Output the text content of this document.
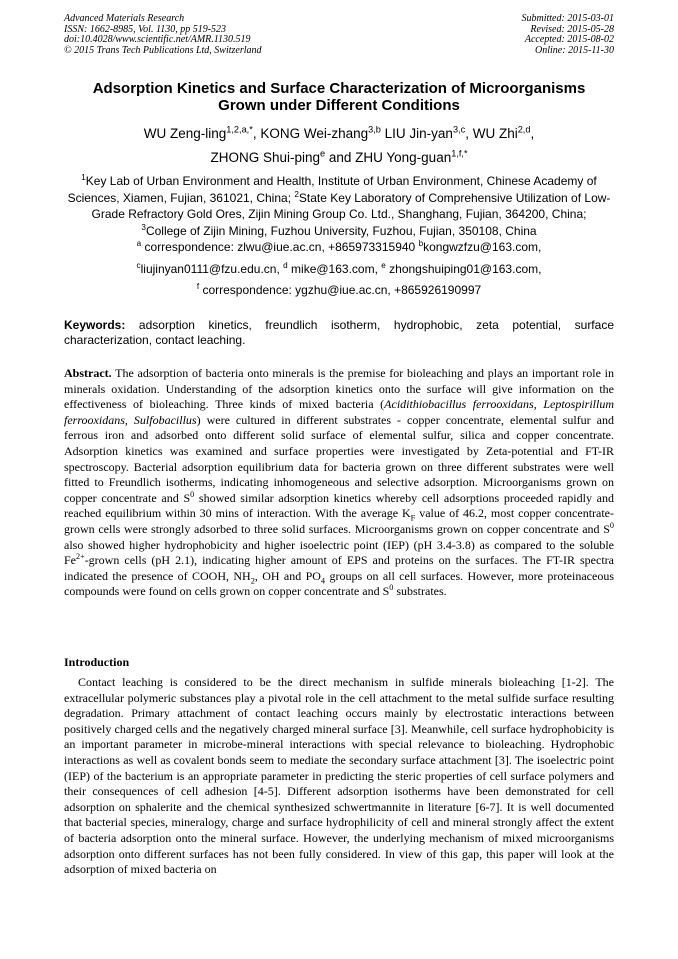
Advanced Materials Research
ISSN: 1662-8985, Vol. 1130, pp 519-523
doi:10.4028/www.scientific.net/AMR.1130.519
© 2015 Trans Tech Publications Ltd, Switzerland
Submitted: 2015-03-01
Revised: 2015-05-28
Accepted: 2015-08-02
Online: 2015-11-30
Adsorption Kinetics and Surface Characterization of Microorganisms
Grown under Different Conditions
WU Zeng-ling$^{1,2,a,*}$, KONG Wei-zhang$^{3,b}$ LIU Jin-yan$^{3,c}$, WU Zhi$^{2,d}$,
ZHONG Shui-ping$^e$ and ZHU Yong-guan$^{1,f,*}$
$^1$Key Lab of Urban Environment and Health, Institute of Urban Environment, Chinese Academy of Sciences, Xiamen, Fujian, 361021, China; $^2$State Key Laboratory of Comprehensive Utilization of Low-Grade Refractory Gold Ores, Zijin Mining Group Co. Ltd., Shanghang, Fujian, 364200, China;
$^3$College of Zijin Mining, Fuzhou University, Fuzhou, Fujian, 350108, China
$^a$ correspondence: zlwu@iue.ac.cn, +865973315940 $^b$kongwzfzu@163.com,
$^c$liujinyan0111@fzu.edu.cn, $^d$ mike@163.com, $^e$ zhongshuiping01@163.com,
$^f$ correspondence: ygzhu@iue.ac.cn, +865926190997
Keywords: adsorption kinetics, freundlich isotherm, hydrophobic, zeta potential, surface characterization, contact leaching.
Abstract. The adsorption of bacteria onto minerals is the premise for bioleaching and plays an important role in minerals oxidation. Understanding of the adsorption kinetics onto the surface will give information on the effectiveness of bioleaching. Three kinds of mixed bacteria (Acidithiobacillus ferrooxidans, Leptospirillum ferrooxidans, Sulfobacillus) were cultured in different substrates - copper concentrate, elemental sulfur and ferrous iron and adsorbed onto different solid surface of elemental sulfur, silica and copper concentrate. Adsorption kinetics was examined and surface properties were investigated by Zeta-potential and FT-IR spectroscopy. Bacterial adsorption equilibrium data for bacteria grown on three different substrates were well fitted to Freundlich isotherms, indicating inhomogeneous and selective adsorption. Microorganisms grown on copper concentrate and $S^0$ showed similar adsorption kinetics whereby cell adsorptions proceeded rapidly and reached equilibrium within 30 mins of interaction. With the average $K_F$ value of 46.2, most copper concentrate-grown cells were strongly adsorbed to three solid surfaces. Microorganisms grown on copper concentrate and $S^0$ also showed higher hydrophobicity and higher isoelectric point (IEP) (pH 3.4-3.8) as compared to the soluble $Fe^{2+}$-grown cells (pH 2.1), indicating higher amount of EPS and proteins on the surfaces. The FT-IR spectra indicated the presence of COOH, $NH_2$, OH and $PO_4$ groups on all cell surfaces. However, more proteinaceous compounds were found on cells grown on copper concentrate and $S^0$ substrates.
Introduction
Contact leaching is considered to be the direct mechanism in sulfide minerals bioleaching [1-2]. The extracellular polymeric substances play a pivotal role in the cell attachment to the metal sulfide surface resulting degradation. Primary attachment of contact leaching occurs mainly by electrostatic interactions between positively charged cells and the negatively charged mineral surface [3]. Meanwhile, cell surface hydrophobicity is an important parameter in microbe-mineral interactions with special relevance to bioleaching. Hydrophobic interactions as well as covalent bonds seem to mediate the secondary surface attachment [3]. The isoelectric point (IEP) of the bacterium is an appropriate parameter in predicting the steric properties of cell surface polymers and their consequences of cell adhesion [4-5]. Different adsorption isotherms have been demonstrated for cell adsorption on sphalerite and the chemical synthesized schwertmannite in literature [6-7]. It is well documented that bacterial species, mineralogy, charge and surface hydrophilicity of cell and mineral strongly affect the extent of bacteria adsorption onto the mineral surface. However, the underlying mechanism of mixed microorganisms adsorption onto different surfaces has not been fully considered. In view of this gap, this paper will look at the adsorption of mixed bacteria on
